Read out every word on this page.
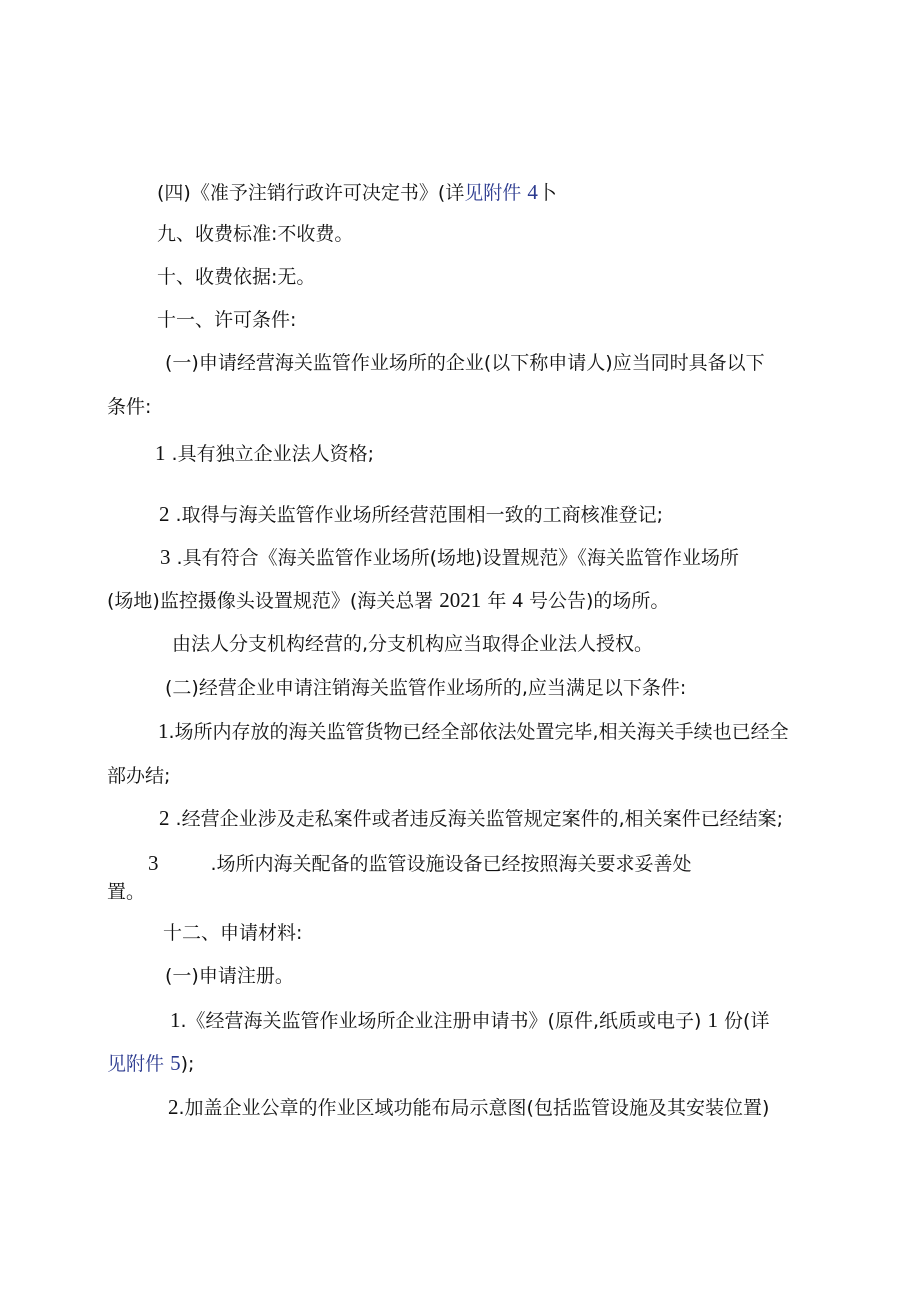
(四)《准予注销行政许可决定书》(详见附件 4卜
九、收费标准:不收费。
十、收费依据:无。
十一、许可条件:
(一)申请经营海关监管作业场所的企业(以下称申请人)应当同时具备以下
条件:
1 .具有独立企业法人资格;
2 .取得与海关监管作业场所经营范围相一致的工商核准登记;
3 .具有符合《海关监管作业场所(场地)设置规范》《海关监管作业场所
(场地)监控摄像头设置规范》(海关总署 2021 年 4 号公告)的场所。
由法人分支机构经营的,分支机构应当取得企业法人授权。
(二)经营企业申请注销海关监管作业场所的,应当满足以下条件:
1.场所内存放的海关监管货物已经全部依法处置完毕,相关海关手续也已经全
部办结;
2 .经营企业涉及走私案件或者违反海关监管规定案件的,相关案件已经结案;
3	.场所内海关配备的监管设施设备已经按照海关要求妥善处
置。
十二、申请材料:
(一)申请注册。
1.《经营海关监管作业场所企业注册申请书》(原件,纸质或电子) 1 份(详
见附件 5);
2.加盖企业公章的作业区域功能布局示意图(包括监管设施及其安装位置)
